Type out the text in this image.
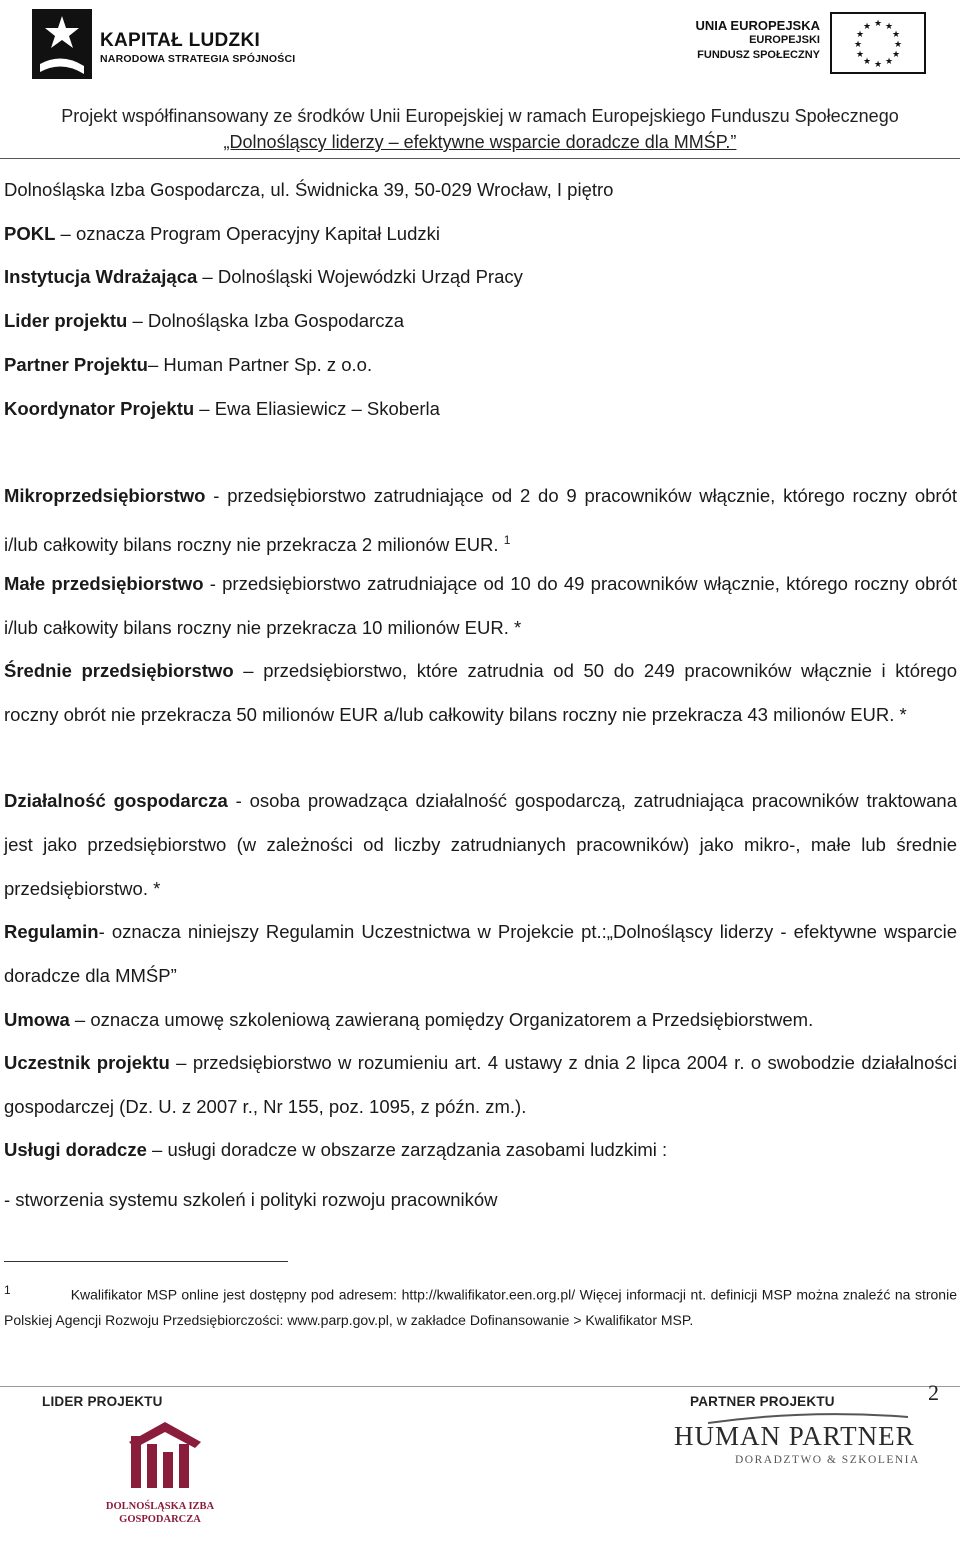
KAPITAŁ LUDZKI
NARODOWA STRATEGIA SPÓJNOŚCI
UNIA EUROPEJSKA
EUROPEJSKI
FUNDUSZ SPOŁECZNY
★ ★
★
★
★
★
★
★
★
★
★
★
Projekt współfinansowany ze środków Unii Europejskiej w ramach Europejskiego Funduszu Społecznego
„Dolnośląscy liderzy – efektywne wsparcie doradcze dla MMŚP.”
Dolnośląska Izba Gospodarcza, ul. Świdnicka 39, 50-029 Wrocław, I piętro
POKL – oznacza Program Operacyjny Kapitał Ludzki
Instytucja Wdrażająca – Dolnośląski Wojewódzki Urząd Pracy
Lider projektu – Dolnośląska Izba Gospodarcza
Partner Projektu– Human Partner Sp. z o.o.
Koordynator Projektu – Ewa Eliasiewicz – Skoberla
Mikroprzedsiębiorstwo - przedsiębiorstwo zatrudniające od 2 do 9 pracowników włącznie, którego roczny obrót i/lub całkowity bilans roczny nie przekracza 2 milionów EUR. $^1$
Małe przedsiębiorstwo - przedsiębiorstwo zatrudniające od 10 do 49 pracowników włącznie, którego roczny obrót i/lub całkowity bilans roczny nie przekracza 10 milionów EUR. *
Średnie przedsiębiorstwo – przedsiębiorstwo, które zatrudnia od 50 do 249 pracowników włącznie i którego roczny obrót nie przekracza 50 milionów EUR a/lub całkowity bilans roczny nie przekracza 43 milionów EUR. *
Działalność gospodarcza - osoba prowadząca działalność gospodarczą, zatrudniająca pracowników traktowana jest jako przedsiębiorstwo (w zależności od liczby zatrudnianych pracowników) jako mikro-, małe lub średnie przedsiębiorstwo. *
Regulamin- oznacza niniejszy Regulamin Uczestnictwa w Projekcie pt.:„Dolnośląscy liderzy - efektywne wsparcie doradcze dla MMŚP”
Umowa – oznacza umowę szkoleniową zawieraną pomiędzy Organizatorem a Przedsiębiorstwem.
Uczestnik projektu – przedsiębiorstwo w rozumieniu art. 4 ustawy z dnia 2 lipca 2004 r. o swobodzie działalności gospodarczej (Dz. U. z 2007 r., Nr 155, poz. 1095, z późn. zm.).
Usługi doradcze – usługi doradcze w obszarze zarządzania zasobami ludzkimi :
- stworzenia systemu szkoleń i polityki rozwoju pracowników
$^1$	Kwalifikator MSP online jest dostępny pod adresem: http://kwalifikator.een.org.pl/ Więcej informacji nt. definicji MSP można znaleźć na stronie Polskiej Agencji Rozwoju Przedsiębiorczości: www.parp.gov.pl, w zakładce Dofinansowanie > Kwalifikator MSP.
LIDER PROJEKTU	PARTNER PROJEKTU	2
DOLNOŚLĄSKA IZBA
GOSPODARCZA
HUMAN PARTNER
DORADZTWO & SZKOLENIA
